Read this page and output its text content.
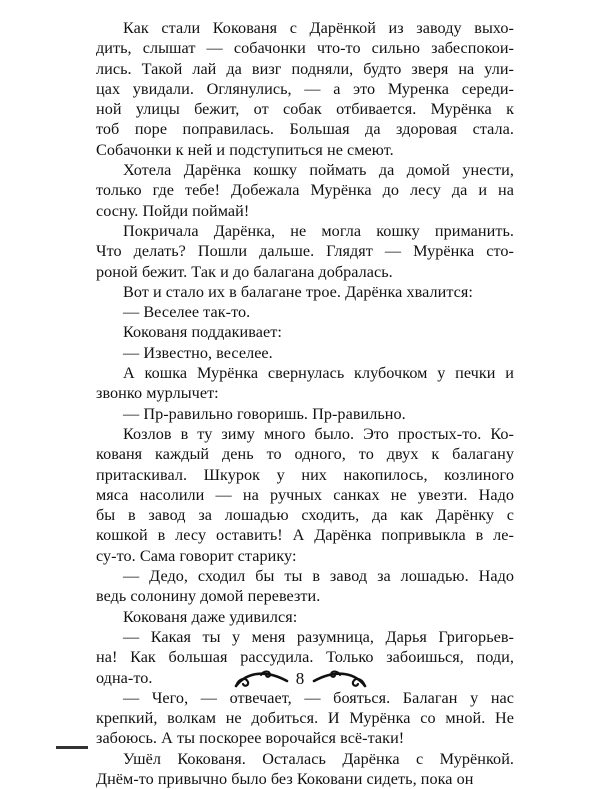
Как стали Кокованя с Дарёнкой из заводу выхо-
дить, слышат — собачонки что-то сильно забеспокои-
лись. Такой лай да визг подняли, будто зверя на ули-
цах увидали. Оглянулись, — а это Муренка середи-
ной улицы бежит, от собак отбивается. Мурёнка к
тоб поре поправилась. Большая да здоровая стала.
Собачонки к ней и подступиться не смеют.
Хотела Дарёнка кошку поймать да домой унести,
только где тебе! Добежала Мурёнка до лесу да и на
сосну. Пойди поймай!
Покричала Дарёнка, не могла кошку приманить.
Что делать? Пошли дальше. Глядят — Мурёнка сто-
роной бежит. Так и до балагана добралась.
Вот и стало их в балагане трое. Дарёнка хвалится:
— Веселее так-то.
Кокованя поддакивает:
— Известно, веселее.
А кошка Мурёнка свернулась клубочком у печки и
звонко мурлычет:
— Пр-равильно говоришь. Пр-равильно.
Козлов в ту зиму много было. Это простых-то. Ко-
кованя каждый день то одного, то двух к балагану
притаскивал. Шкурок у них накопилось, козлиного
мяса насолили — на ручных санках не увезти. Надо
бы в завод за лошадью сходить, да как Дарёнку с
кошкой в лесу оставить! А Дарёнка попривыкла в ле-
су-то. Сама говорит старику:
— Дедо, сходил бы ты в завод за лошадью. Надо
ведь солонину домой перевезти.
Кокованя даже удивился:
— Какая ты у меня разумница, Дарья Григорьев-
на! Как большая рассудила. Только забоишься, поди,
одна-то.
— Чего, — отвечает, — бояться. Балаган у нас
крепкий, волкам не добиться. И Мурёнка со мной. Не
забоюсь. А ты поскорее ворочайся всё-таки!
Ушёл Кокованя. Осталась Дарёнка с Мурёнкой.
Днём-то привычно было без Коковани сидеть, пока он
8
